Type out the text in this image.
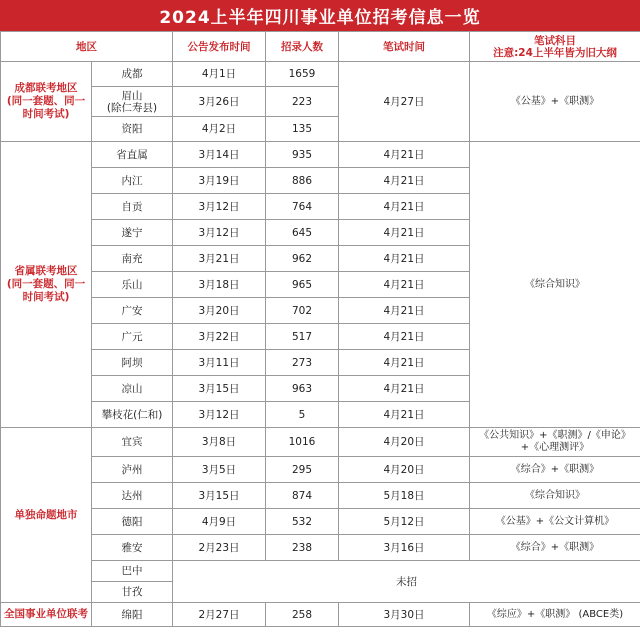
2024上半年四川事业单位招考信息一览
地区		公告发布时间	招录人数	笔试时间	笔试科目
注意:24上半年皆为旧大纲

成都联考地区
(同一套题、同一
时间考试)	成都	4月1日	1659	4月27日	《公基》+《职测》

	眉山
(除仁寿县)	3月26日	223		
	资阳	4月2日	135		

省属联考地区
(同一套题、同一
时间考试)	省直属	3月14日	935	4月21日	《综合知识》
	内江	3月19日	886	4月21日	
	自贡	3月12日	764	4月21日	
	遂宁	3月12日	645	4月21日	
	南充	3月21日	962	4月21日	
	乐山	3月18日	965	4月21日	
	广安	3月20日	702	4月21日	
	广元	3月22日	517	4月21日	
	阿坝	3月11日	273	4月21日	
	凉山	3月15日	963	4月21日	
	攀枝花(仁和)	3月12日	5	4月21日	
单独命题地市	宜宾	3月8日	1016	4月20日	《公共知识》+《职测》/《申论》
+《心理测评》

	泸州	3月5日	295	4月20日	《综合》+《职测》
	达州	3月15日	874	5月18日	《综合知识》
	德阳	4月9日	532	5月12日	《公基》+《公文计算机》
	雅安	2月23日	238	3月16日	《综合》+《职测》
	巴中	未招			
	甘孜				
全国事业单位联考	绵阳	2月27日	258	3月30日	《综应》+《职测》 (ABCE类)
